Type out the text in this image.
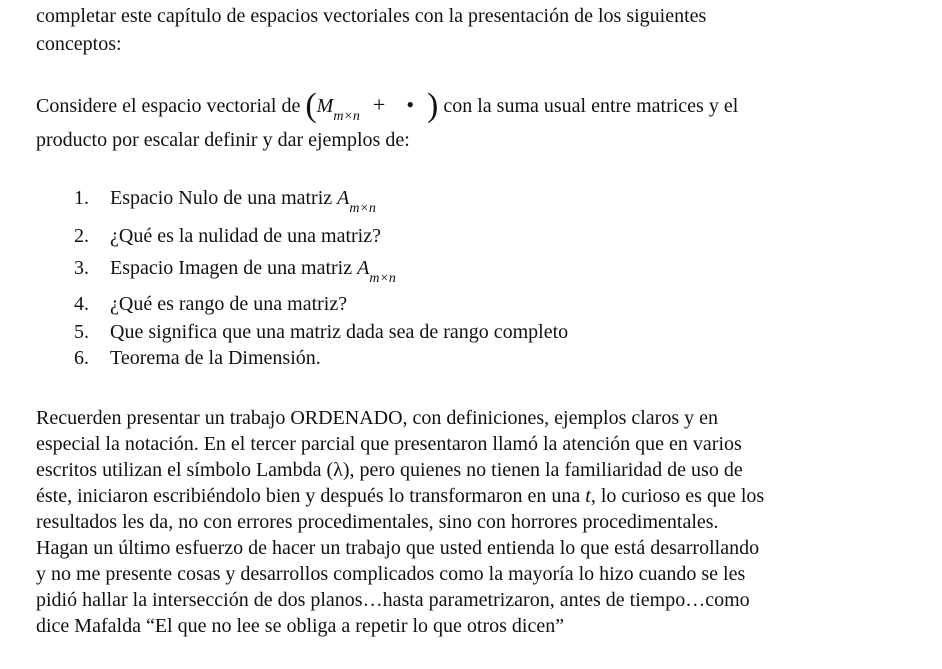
completar este capítulo de espacios vectoriales con la presentación de los siguientes
conceptos:
Considere el espacio vectorial de ($M_{m\times n}$ + • ) con la suma usual entre matrices y el
producto por escalar definir y dar ejemplos de:
1. Espacio Nulo de una matriz $A_{m\times n}$
2. ¿Qué es la nulidad de una matriz?
3. Espacio Imagen de una matriz $A_{m\times n}$
4. ¿Qué es rango de una matriz?
5. Que significa que una matriz dada sea de rango completo
6. Teorema de la Dimensión.
Recuerden presentar un trabajo ORDENADO, con definiciones, ejemplos claros y en
especial la notación. En el tercer parcial que presentaron llamó la atención que en varios
escritos utilizan el símbolo Lambda (λ), pero quienes no tienen la familiaridad de uso de
éste, iniciaron escribiéndolo bien y después lo transformaron en una t, lo curioso es que los
resultados les da, no con errores procedimentales, sino con horrores procedimentales.
Hagan un último esfuerzo de hacer un trabajo que usted entienda lo que está desarrollando
y no me presente cosas y desarrollos complicados como la mayoría lo hizo cuando se les
pidió hallar la intersección de dos planos…hasta parametrizaron, antes de tiempo…como
dice Mafalda “El que no lee se obliga a repetir lo que otros dicen”
